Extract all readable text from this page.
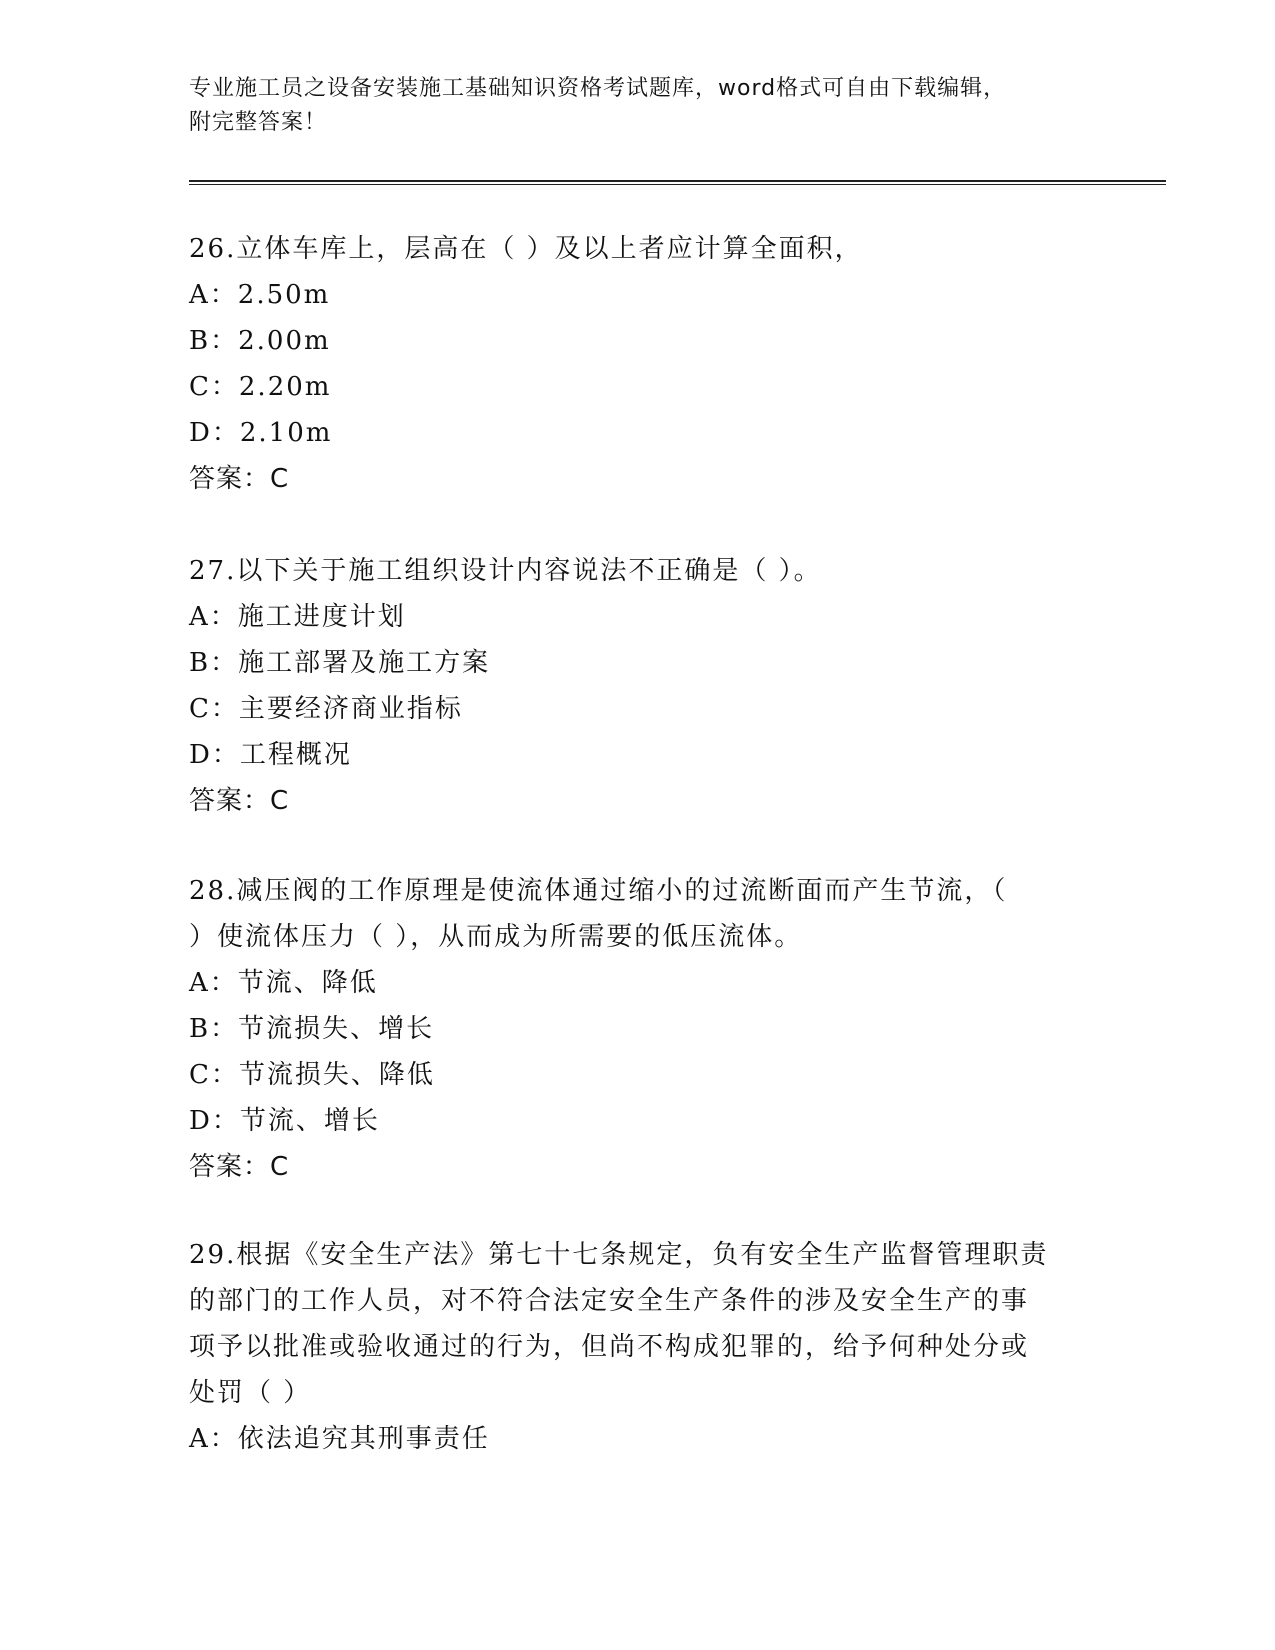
专业施工员之设备安装施工基础知识资格考试题库，word格式可自由下载编辑，
附完整答案！

26.立体车库上，层高在（ ）及以上者应计算全面积，

A：2.50m

B：2.00m

C：2.20m

D：2.10m

答案：C

27.以下关于施工组织设计内容说法不正确是（ ）。

A：施工进度计划

B：施工部署及施工方案

C：主要经济商业指标

D：工程概况

答案：C

28.减压阀的工作原理是使流体通过缩小的过流断面而产生节流，（

）使流体压力（ ），从而成为所需要的低压流体。

A：节流、降低

B：节流损失、增长

C：节流损失、降低

D：节流、增长

答案：C

29.根据《安全生产法》第七十七条规定，负有安全生产监督管理职责

的部门的工作人员，对不符合法定安全生产条件的涉及安全生产的事

项予以批准或验收通过的行为，但尚不构成犯罪的，给予何种处分或

处罚（ ）

A：依法追究其刑事责任
